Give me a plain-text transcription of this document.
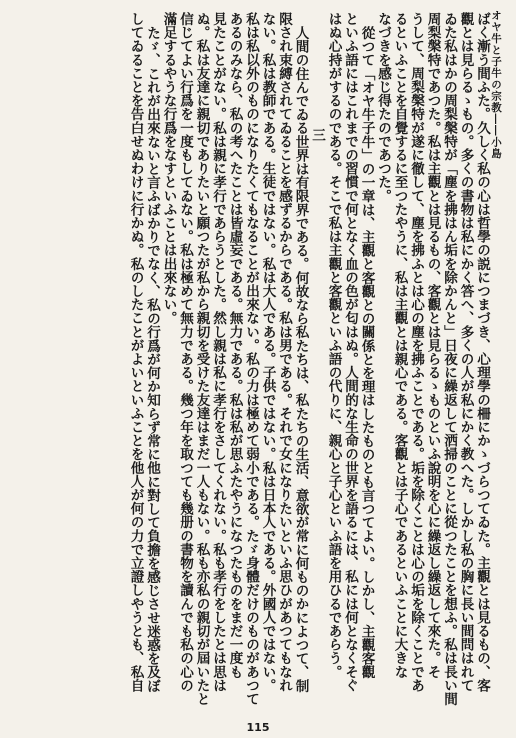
オヤ牛と子牛の宗教――小島
ばく漸う間ふた。久しく私の心は哲學の説につまづき、心理學の柵にかゝづらつてゐた。主觀とは見るもの、客
觀とは見らるゝもの。多くの書物は私にかく答へ、多くの人が私にかく教へた。しかし私の胸に長い間問はれて
ゐた私はかの周梨槃特が「塵を拂はん垢を除かんと」日夜に繰返して洒掃のことに從つたことを想ふ。私は長い間
周梨槃特であつた。私は主觀とは見るもの、客觀とは見らるゝものといふ說明を心に繰返し繰返して來た。そ
うして、周梨槃特が遂に徹して、塵を拂ふとは心の塵を拂ふことである。垢を除くことは心の垢を除くことであ
るといふことを自覺するに至つたやうに、私は主觀とは親心である。客觀とは子心であるといふことに大きな
なづきを感じ得たのであつた。
從つて「オヤ牛子牛」の一章は、主觀と客觀との關係とを理はしたものとも言つてよい。しかし、主觀客觀
といふ語にはこれまでの習慣で何となく血の色が匂はぬ。人間的な生命の世界を語るには、私には何となくそぐ
はぬ心持がするのである。そこで私は主觀と客觀といふ語の代りに、親心と子心といふ語を用ひるであらう。
三
人間の住んでゐる世界は有限界である。何故なら私たちは、私たちの生活、意欲が常に何ものかによつて、制
限され束縛されてゐることを感ずるからである。私は男である。それで女になりたいといふ思ひがあつてもなれ
ない。私は教師である。生徒ではない。私は大人である。子供ではない。私は日本人である。外國人ではない。
私は私以外のものになりたくてもなることが出來ない。私の力は極めて弱小である。たゞ身體だけのものがあつて
あるのみなら、私の考へたことは皆虛妄である。無力である。私は私が思ふたやうになつたものをまだ一度も
見たことがない。私は親に孝行であらうとした。然し親は私に孝行をさしてくれない。私も孝行をしたとは思は
ぬ。私は友達に親切でありたいと願つたが私から親切を受けた友達はまだ一人もない。私も亦私の親切が屆いたと
信じてよい行爲を一度もしてゐない。私は極めて無力である。幾つ年を取つても幾册の書物を讀んでも私の心の
滿足するやうな行爲をなすといふことは出來ない。
たゞ、これが出來ないと言ふばかりでなく、私の行爲が何か知らず常に他に對して負擔を感じさせ迷惑を及ぼ
してゐることを告白せぬわけに行かぬ。私のしたことがよいといふことを他人が何の力で立證しやうとも、私自
115
